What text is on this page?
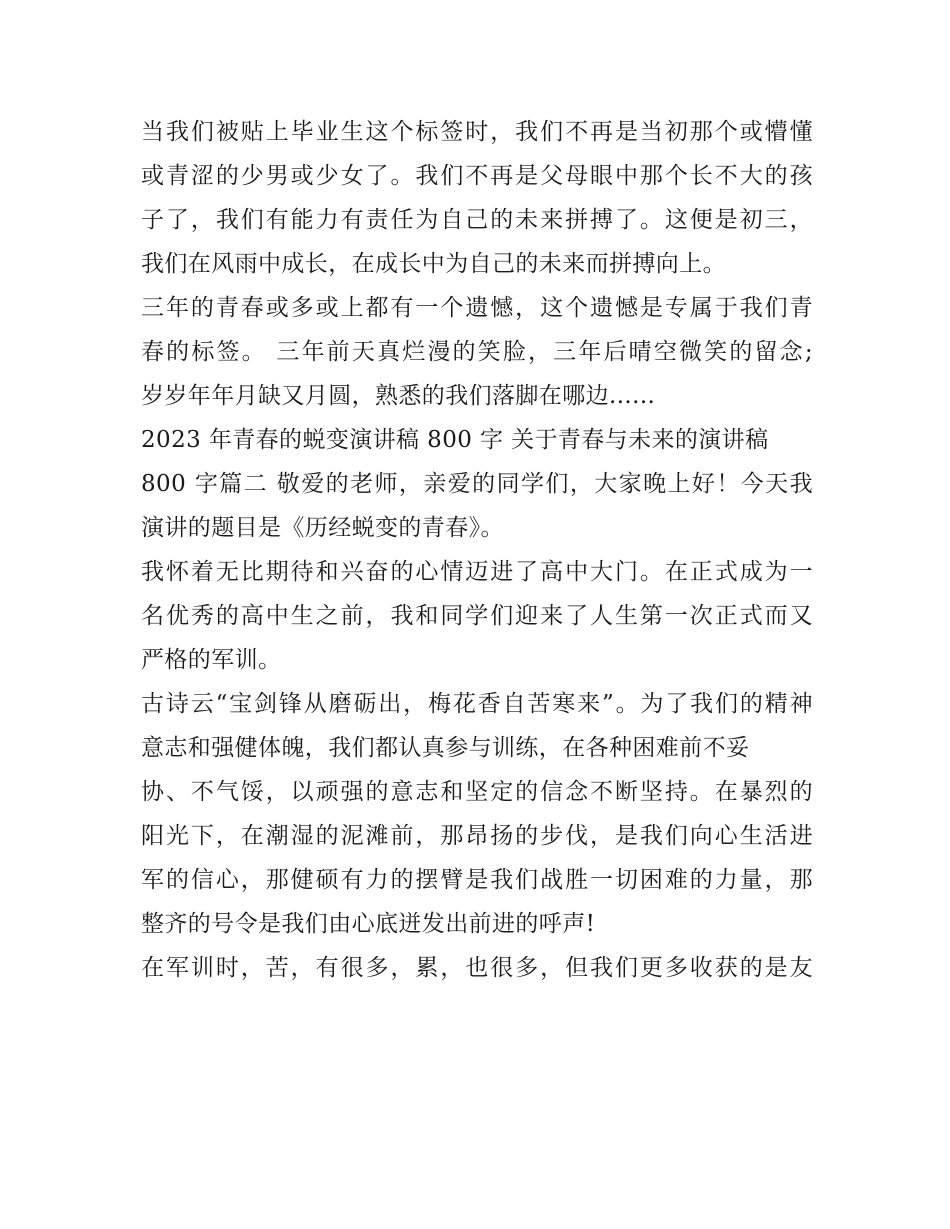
当我们被贴上毕业生这个标签时，我们不再是当初那个或懵懂
或青涩的少男或少女了。我们不再是父母眼中那个长不大的孩
子了，我们有能力有责任为自己的未来拼搏了。这便是初三，
我们在风雨中成长，在成长中为自己的未来而拼搏向上。
三年的青春或多或上都有一个遗憾，这个遗憾是专属于我们青
春的标签。 三年前天真烂漫的笑脸，三年后晴空微笑的留念;
岁岁年年月缺又月圆，熟悉的我们落脚在哪边......
2023 年青春的蜕变演讲稿 800 字 关于青春与未来的演讲稿
800 字篇二 敬爱的老师，亲爱的同学们，大家晚上好！今天我
演讲的题目是《历经蜕变的青春》。
我怀着无比期待和兴奋的心情迈进了高中大门。在正式成为一
名优秀的高中生之前，我和同学们迎来了人生第一次正式而又
严格的军训。
古诗云“宝剑锋从磨砺出，梅花香自苦寒来”。为了我们的精神
意志和强健体魄，我们都认真参与训练，在各种困难前不妥
协、不气馁，以顽强的意志和坚定的信念不断坚持。在暴烈的
阳光下，在潮湿的泥滩前，那昂扬的步伐，是我们向心生活进
军的信心，那健硕有力的摆臂是我们战胜一切困难的力量，那
整齐的号令是我们由心底迸发出前进的呼声!
在军训时，苦，有很多，累，也很多，但我们更多收获的是友
